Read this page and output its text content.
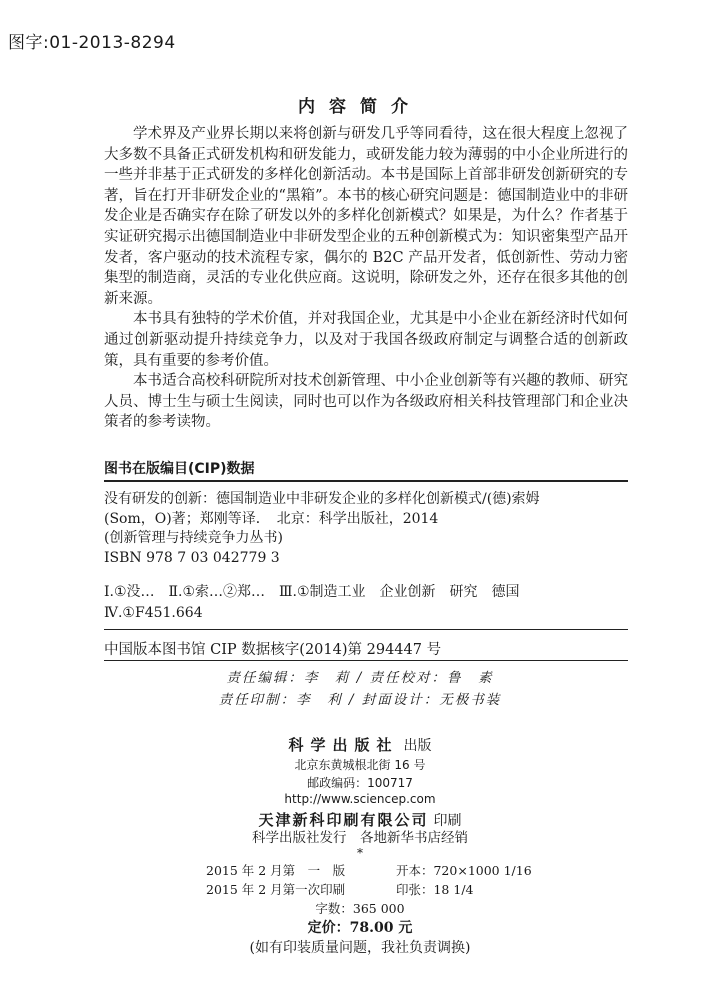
图字:01-2013-8294
内容简介

学术界及产业界长期以来将创新与研发几乎等同看待，这在很大程度上忽视了大多数不具备正式研发机构和研发能力，或研发能力较为薄弱的中小企业所进行的一些并非基于正式研发的多样化创新活动。本书是国际上首部非研发创新研究的专著，旨在打开非研发企业的“黑箱”。本书的核心研究问题是：德国制造业中的非研发企业是否确实存在除了研发以外的多样化创新模式？如果是，为什么？作者基于实证研究揭示出德国制造业中非研发型企业的五种创新模式为：知识密集型产品开发者，客户驱动的技术流程专家，偶尔的 B2C 产品开发者，低创新性、劳动力密集型的制造商，灵活的专业化供应商。这说明，除研发之外，还存在很多其他的创新来源。

本书具有独特的学术价值，并对我国企业，尤其是中小企业在新经济时代如何通过创新驱动提升持续竞争力，以及对于我国各级政府制定与调整合适的创新政策，具有重要的参考价值。

本书适合高校科研院所对技术创新管理、中小企业创新等有兴趣的教师、研究人员、博士生与硕士生阅读，同时也可以作为各级政府相关科技管理部门和企业决策者的参考读物。

图书在版编目(CIP)数据
没有研发的创新：德国制造业中非研发企业的多样化创新模式/(德)索姆
(Som，O)著；郑刚等译．　北京：科学出版社，2014
(创新管理与持续竞争力丛书)
ISBN 978 7 03 042779 3
Ⅰ.①没…　Ⅱ.①索…②郑…　Ⅲ.①制造工业　企业创新　研究　德国
Ⅳ.①F451.664
中国版本图书馆 CIP 数据核字(2014)第 294447 号
责任编辑：李　莉 / 责任校对：鲁　素
责任印制：李　利 / 封面设计：无极书装
科学出版社 出版
北京东黄城根北街 16 号
邮政编码：100717
http://www.sciencep.com
天津新科印刷有限公司 印刷
科学出版社发行　各地新华书店经销
*
2015 年 2 月第　一　版	开本：720×1000 1/16
2015 年 2 月第一次印刷	印张：18 1/4
字数：365 000
定价：78.00 元
(如有印装质量问题，我社负责调换)
